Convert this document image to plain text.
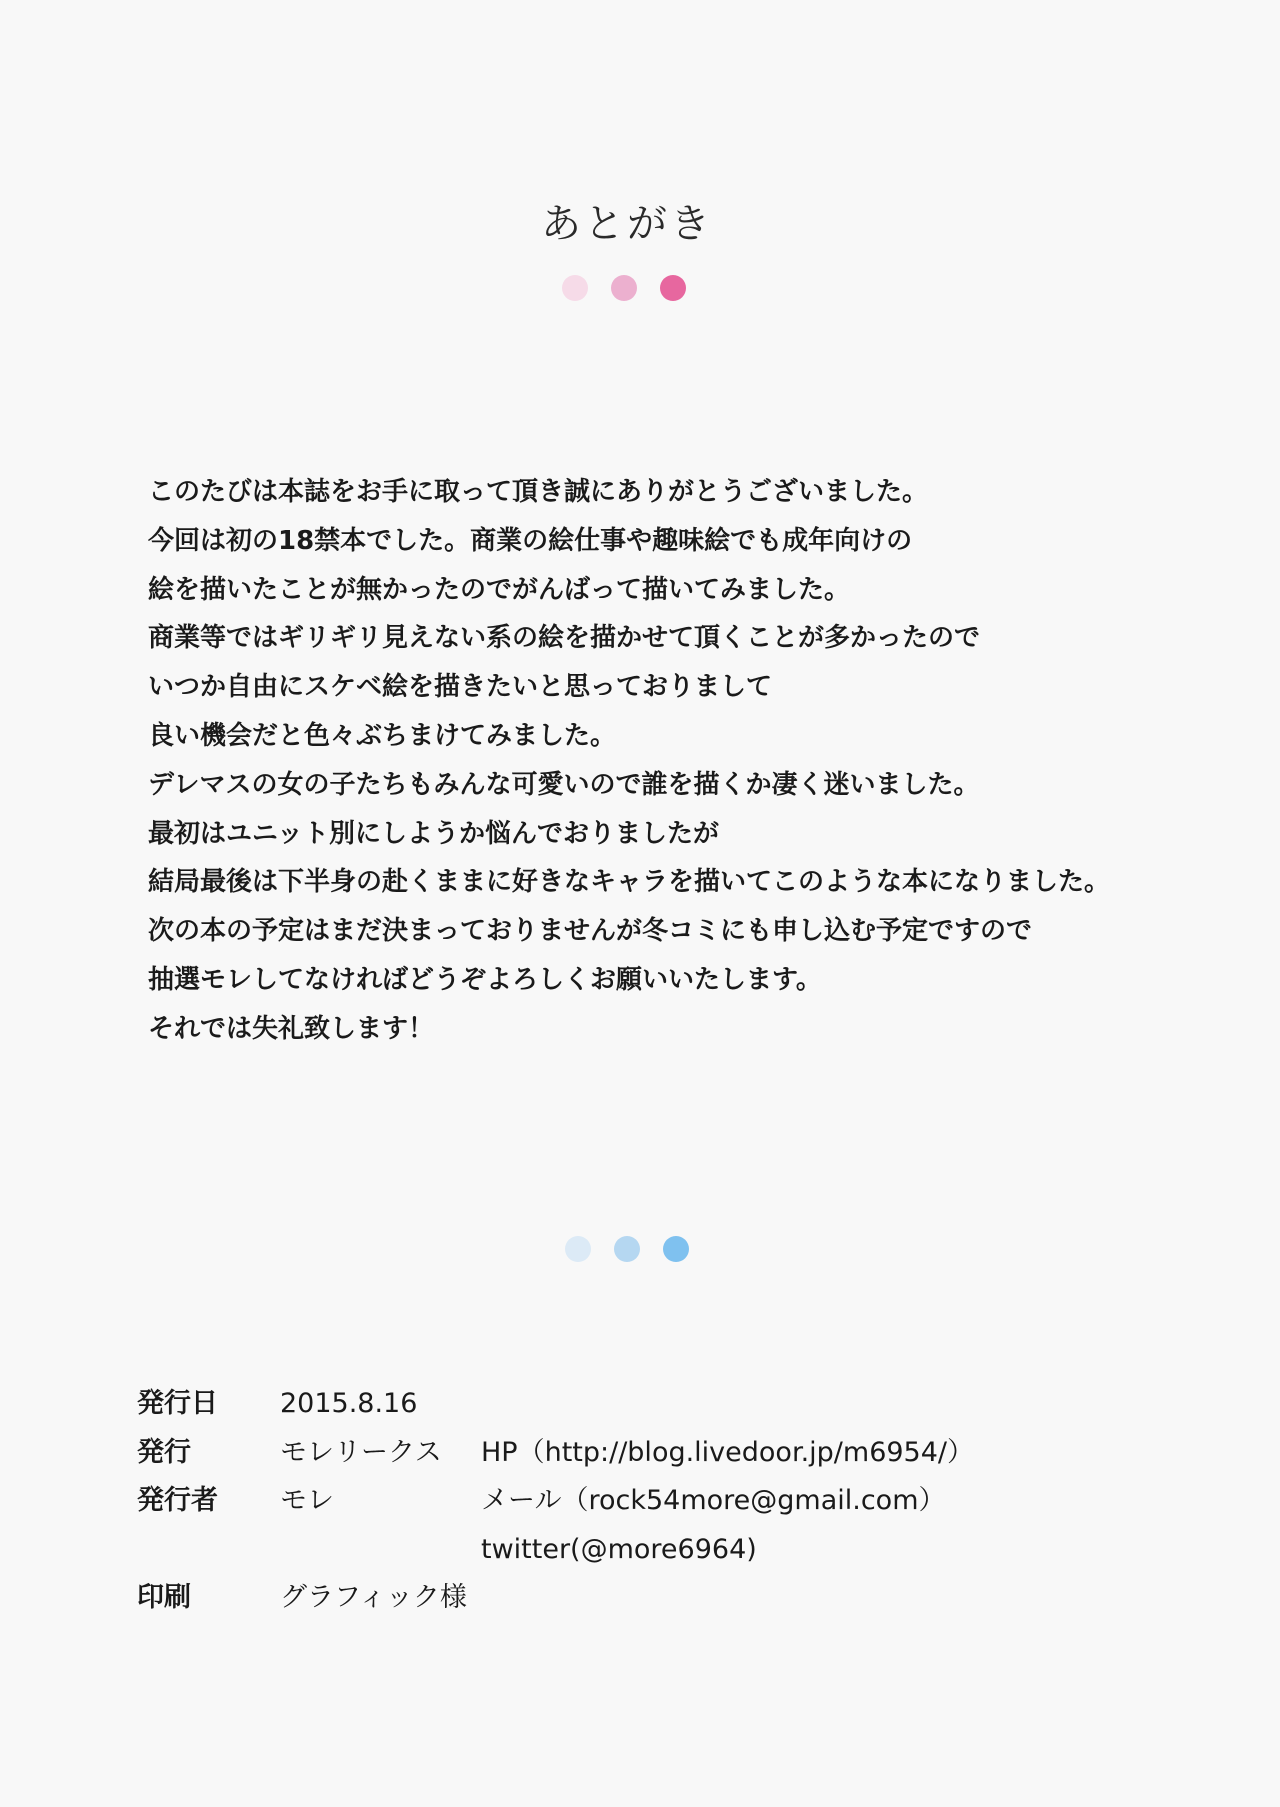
あとがき
このたびは本誌をお手に取って頂き誠にありがとうございました。
今回は初の18禁本でした。商業の絵仕事や趣味絵でも成年向けの
絵を描いたことが無かったのでがんばって描いてみました。
商業等ではギリギリ見えない系の絵を描かせて頂くことが多かったので
いつか自由にスケベ絵を描きたいと思っておりまして
良い機会だと色々ぶちまけてみました。
デレマスの女の子たちもみんな可愛いので誰を描くか凄く迷いました。
最初はユニット別にしようか悩んでおりましたが
結局最後は下半身の赴くままに好きなキャラを描いてこのような本になりました。
次の本の予定はまだ決まっておりませんが冬コミにも申し込む予定ですので
抽選モレしてなければどうぞよろしくお願いいたします。
それでは失礼致します！
発行日 2015.8.16
発行	モレリークス HP（http://blog.livedoor.jp/m6954/）
発行者 モレ	メール（rock54more@gmail.com）
twitter(@more6964)
印刷	グラフィック様
